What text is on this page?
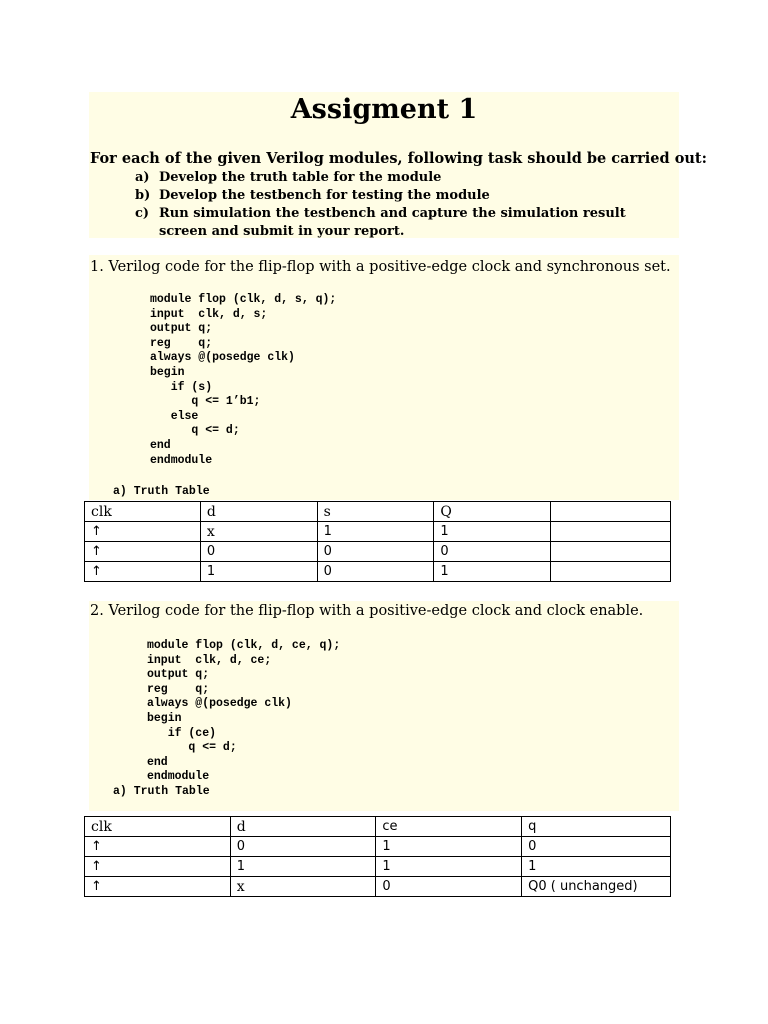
Assigment 1
For each of the given Verilog modules, following task should be carried out:
a) Develop the truth table for the module
b) Develop the testbench for testing the module
c) Run simulation the testbench and capture the simulation result screen and submit in your report.
1. Verilog code for the flip-flop with a positive-edge clock and synchronous set.
module flop (clk, d, s, q);
input  clk, d, s;
output q;
reg    q;
always @(posedge clk)
begin
if (s)
q <= 1’b1;
else
q <= d;
end
endmodule
a) Truth Table
clk	d	s	Q	
↑	x	1	1	
↑	0	0	0	
↑	1	0	1	
2. Verilog code for the flip-flop with a positive-edge clock and clock enable.
module flop (clk, d, ce, q);
input  clk, d, ce;
output q;
reg    q;
always @(posedge clk)
begin
if (ce)
q <= d;
end
endmodule
a) Truth Table
clk	d	ce	q
↑	0	1	0
↑	1	1	1
↑	x	0	Q0 ( unchanged)
